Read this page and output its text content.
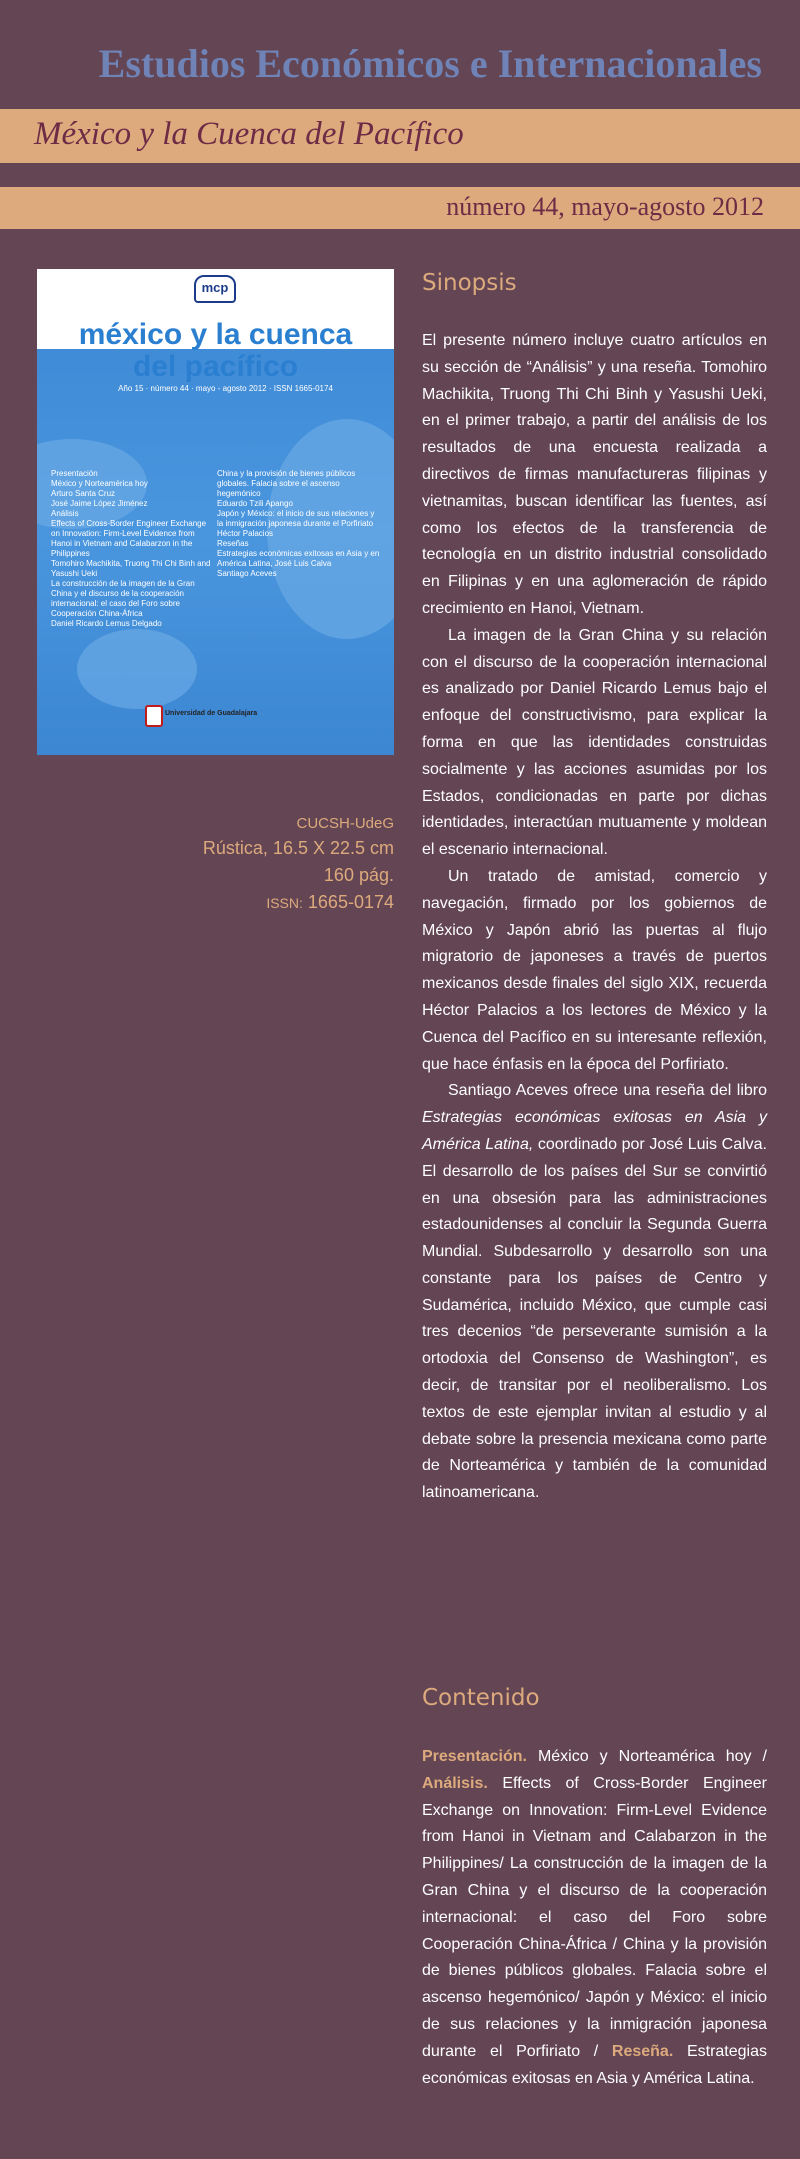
Estudios Económicos e Internacionales
México y la Cuenca del Pacífico
número 44, mayo-agosto 2012
mcp
méxico y la cuenca
del pacífico
Año 15 · número 44 · mayo - agosto 2012 · ISSN 1665-0174
Presentación
México y Norteamérica hoy
Arturo Santa Cruz
José Jaime López Jiménez
Análisis
Effects of Cross-Border Engineer Exchange on Innovation: Firm-Level Evidence from Hanoi in Vietnam and Calabarzon in the Philippines
Tomohiro Machikita, Truong Thi Chi Binh and Yasushi Ueki
La construcción de la imagen de la Gran China y el discurso de la cooperación internacional: el caso del Foro sobre Cooperación China-África
Daniel Ricardo Lemus Delgado
China y la provisión de bienes públicos globales. Falacia sobre el ascenso hegemónico
Eduardo Tzili Apango
Japón y México: el inicio de sus relaciones y la inmigración japonesa durante el Porfiriato
Héctor Palacios
Reseñas
Estrategias económicas exitosas en Asia y en América Latina, José Luis Calva
Santiago Aceves
Universidad de Guadalajara
CUCSH-UdeG
Rústica, 16.5 X 22.5 cm
160 pág.
ISSN: 1665-0174
Sinopsis

El presente número incluye cuatro artículos en su sección de “Análisis” y una reseña. Tomohiro Machikita, Truong Thi Chi Binh y Yasushi Ueki, en el primer trabajo, a partir del análisis de los resultados de una encuesta realizada a directivos de firmas manufactureras filipinas y vietnamitas, buscan identificar las fuentes, así como los efectos de la transferencia de tecnología en un distrito industrial consolidado en Filipinas y en una aglomeración de rápido crecimiento en Hanoi, Vietnam.

La imagen de la Gran China y su relación con el discurso de la cooperación internacional es analizado por Daniel Ricardo Lemus bajo el enfoque del constructivismo, para explicar la forma en que las identidades construidas socialmente y las acciones asumidas por los Estados, condicionadas en parte por dichas identidades, interactúan mutuamente y moldean el escenario internacional.

Un tratado de amistad, comercio y navegación, firmado por los gobiernos de México y Japón abrió las puertas al flujo migratorio de japoneses a través de puertos mexicanos desde finales del siglo XIX, recuerda Héctor Palacios a los lectores de México y la Cuenca del Pacífico en su interesante reflexión, que hace énfasis en la época del Porfiriato.

Santiago Aceves ofrece una reseña del libro Estrategias económicas exitosas en Asia y América Latina, coordinado por José Luis Calva. El desarrollo de los países del Sur se convirtió en una obsesión para las administraciones estadounidenses al concluir la Segunda Guerra Mundial. Subdesarrollo y desarrollo son una constante para los países de Centro y Sudamérica, incluido México, que cumple casi tres decenios “de perseverante sumisión a la ortodoxia del Consenso de Washington”, es decir, de transitar por el neoliberalismo. Los textos de este ejemplar invitan al estudio y al debate sobre la presencia mexicana como parte de Norteamérica y también de la comunidad latinoamericana.

Contenido

Presentación. México y Norteamérica hoy / Análisis. Effects of Cross-Border Engineer Exchange on Innovation: Firm-Level Evidence from Hanoi in Vietnam and Calabarzon in the Philippines/ La construcción de la imagen de la Gran China y el discurso de la cooperación internacional: el caso del Foro sobre Cooperación China-África / China y la provisión de bienes públicos globales. Falacia sobre el ascenso hegemónico/ Japón y México: el inicio de sus relaciones y la inmigración japonesa durante el Porfiriato / Reseña. Estrategias económicas exitosas en Asia y América Latina.
